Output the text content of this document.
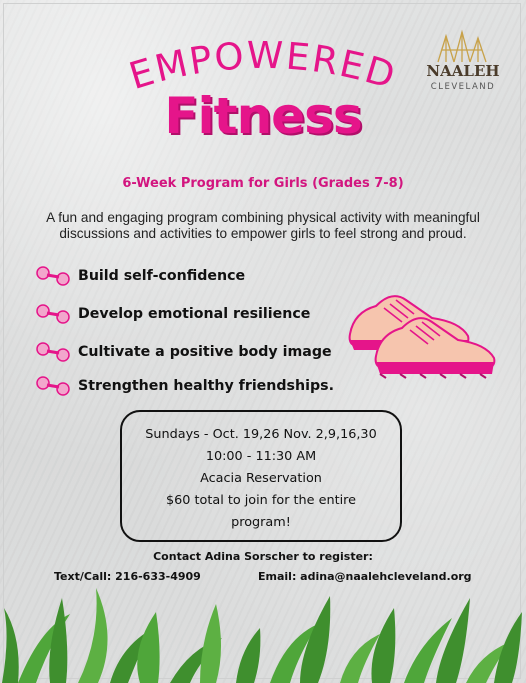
NAALEH
CLEVELAND
EMPOWERED
Fitness
6-Week Program for Girls (Grades 7-8)
A fun and engaging program combining physical activity with meaningful discussions and activities to empower girls to feel strong and proud.
Build self-confidence
Develop emotional resilience
Cultivate a positive body image
Strengthen healthy friendships.
Sundays - Oct. 19,26 Nov. 2,9,16,30
10:00 - 11:30 AM
Acacia Reservation
$60 total to join for the entire
program!
Contact Adina Sorscher to register:
Text/Call: 216-633-4909	Email: adina@naalehcleveland.org
